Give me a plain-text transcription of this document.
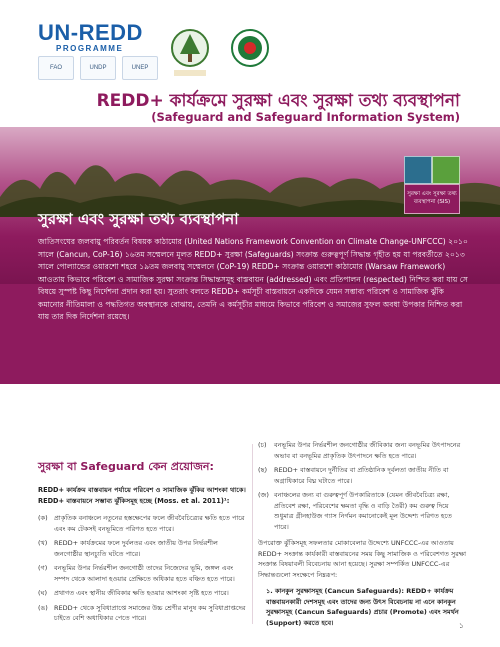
UN-REDD
PROGRAMME
FAO	UNDP	UNEP
REDD+ কার্যক্রমে সুরক্ষা এবং সুরক্ষা তথ্য ব্যবস্থাপনা
(Safeguard and Safeguard Information System)
সুরক্ষা এবং সুরক্ষা তথ্য ব্যবস্থাপনা (SIS)
সুরক্ষা এবং সুরক্ষা তথ্য ব্যবস্থাপনা
জাতিসংঘের জলবায়ু পরিবর্তন বিষয়ক কাঠামোর (United Nations Framework Convention on Climate Change-UNFCCC) ২০১০ সালে (Cancun, CoP-16) ১৬তম সম্মেলনে মূলত REDD+ সুরক্ষা (Safeguards) সংক্রান্ত গুরুত্বপূর্ণ সিদ্ধান্ত গৃহীত হয় যা পরবর্তীতে ২০১৩ সালে পোল্যান্ডের ওয়ারশো শহরে ১৯তম জলবায়ু সম্মেলনে (CoP-19) REDD+ সংক্রান্ত ওয়ারশো কাঠামোর (Warsaw Framework) আওতায় কিভাবে পরিবেশ ও সামাজিক সুরক্ষা সংক্রান্ত সিদ্ধান্তসমূহ বাস্তবায়ন (addressed) এবং প্রতিপালন (respected) নিশ্চিত করা যায় সে বিষয়ে সুস্পষ্ট কিছু নির্দেশনা প্রদান করা হয়। সুতরাং বলতে REDD+ কর্মসূচী বাস্তবায়নে একদিকে যেমন সম্ভাব্য পরিবেশ ও সামাজিক ঝুঁকি কমানোর নীতিমালা ও পদ্ধতিগত অবস্থানকে বোঝায়, তেমনি এ কর্মসূচীর মাধ্যমে কিভাবে পরিবেশ ও সমাজের সুফল অবধা উপকার নিশ্চিত করা যায় তার দিক নির্দেশনা রয়েছে।
সুরক্ষা বা Safeguard কেন প্রয়োজন:
REDD+ কার্যক্রম বাস্তবায়ন পর্যায়ে পরিবেশ ও সামাজিক ঝুঁকির আশংকা থাকে। REDD+ বাস্তবায়নে সম্ভাব্য ঝুঁকিসমূহ হচ্ছে (Moss. et al. 2011)¹:
(ক) প্রাকৃতিক বনাঞ্চলে নতুনের হস্তক্ষেপের ফলে জীববৈচিত্র্যের ক্ষতি হতে পারে এবং কম টেকসই বনভূমিতে পরিণত হতে পারে।
(খ)	REDD+ কার্যক্রমের ফলে দুর্বলতর এবং জাতীয় উপর নির্ভরশীল জনগোষ্ঠীর স্থানচ্যুতি ঘটতে পারে।
(গ)	বনভূমির উপর নির্ভরশীল জনগোষ্ঠী তাদের নিজেদের ভূমি, জঙ্গল এবং সম্পদ থেকে আলাদা হওয়ার প্রেক্ষিতে অধিকার হতে বঞ্চিত হতে পারে।
(ঘ)	প্রথাগত এবং স্থানীয় জীবিকার ক্ষতি হওয়ার আশংকা সৃষ্টি হতে পারে।
(ঙ) REDD+ থেকে সুবিধাপ্রাপ্তে সমাজের উচ্চ শ্রেণীর মানুষ কম সুবিধাপ্রাপ্তদের চাইতে বেশি অধাধিকার পেতে পারে।
(চ)	বনভূমির উপর নির্ভরশীল জনগোষ্ঠীর জীবিকার জন্য বনভূমির উৎপাদনের অভাব বা বনভূমির প্রাকৃতিক উৎপাদনে ক্ষতি হতে পারে।
(ছ)	REDD+ বাস্তবায়নে দুর্নীতির বা প্রতিষ্ঠানিক দূর্বলতা জাতীয় নীতি বা অগ্রাধিকারে বিঘ্ন ঘটাতে পারে।
(জ) বনাঞ্চলের জন্য বা গুরুত্বপূর্ণ উপকারিতাকে (যেমন জীববৈচিত্র্য রক্ষা, প্রতিবেশ রক্ষা, পরিবেশের ক্ষমতা বৃদ্ধি ও বাড়ি তৈরী) কম গুরুত্ব দিয়ে শুধুমাত্র গ্রীনহাউজ গ্যাস নির্গমন কমানোকেই মূল উদ্দেশ্য পরিণত হতে পারে।
উপরোক্ত ঝুঁকিসমূহ সফলতার মোকাবেলার উদ্দেশ্যে UNFCCC-এর আওতায় REDD+ সংক্রান্ত কার্যকারী বাস্তবায়নের সময় কিছু সামাজিক ও পরিবেশগত সুরক্ষা সংক্রান্ত বিষয়াবলী বিবেচনায় আনা হয়েছে। সুরক্ষা সম্পর্কিত UNFCCC-এর সিদ্ধান্তগুলো সংক্ষেপে নিম্নরূপ:
১. কানকুন সুরক্ষাসমূহ (Cancun Safeguards): REDD+ কার্যক্রম বাস্তবায়নকারী দেশসমূহ এবং তাদের জন্য উৎস বিবেচনায় না এনে কানকুন সুরক্ষাসমূহ (Cancun Safeguards) প্রচার (Promote) এবং সমর্থন (Support) করতে হবে।	১
